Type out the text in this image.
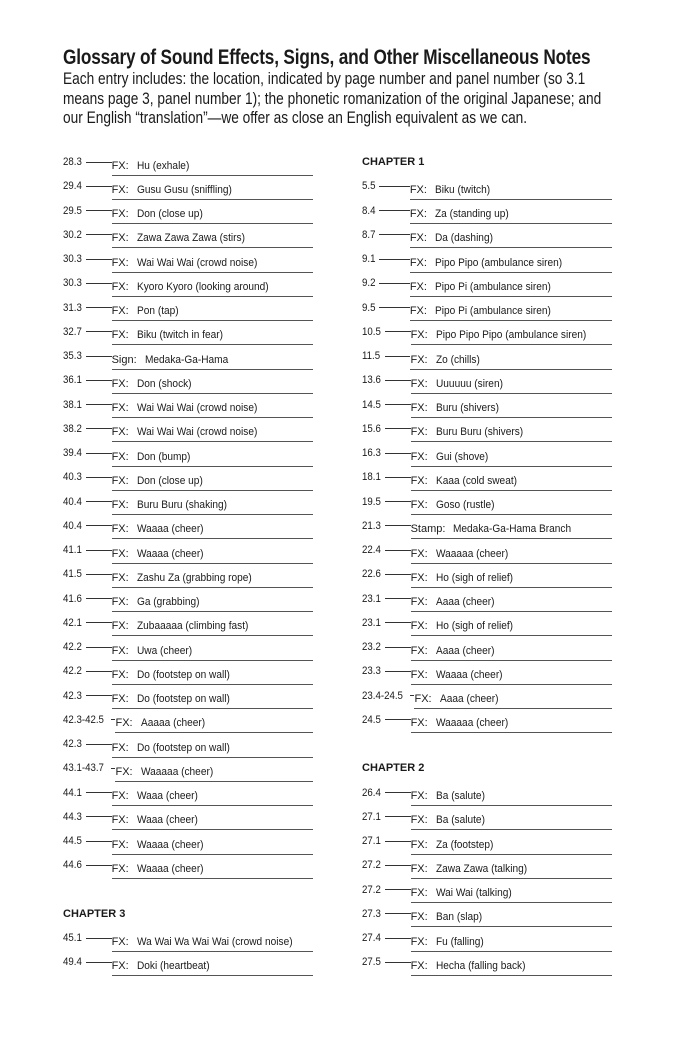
Glossary of Sound Effects, Signs, and Other Miscellaneous Notes
Each entry includes: the location, indicated by page number and panel number (so 3.1 means page 3, panel number 1); the phonetic romanization of the original Japanese; and our English “translation”—we offer as close an English equivalent as we can.
28.3	FX: Hu (exhale)
29.4	FX: Gusu Gusu (sniffling)
29.5	FX: Don (close up)
30.2	FX: Zawa Zawa Zawa (stirs)
30.3	FX: Wai Wai Wai (crowd noise)
30.3	FX: Kyoro Kyoro (looking around)
31.3	FX: Pon (tap)
32.7	FX: Biku (twitch in fear)
35.3	Sign: Medaka-Ga-Hama
36.1	FX: Don (shock)
38.1	FX: Wai Wai Wai (crowd noise)
38.2	FX: Wai Wai Wai (crowd noise)
39.4	FX: Don (bump)
40.3	FX: Don (close up)
40.4	FX: Buru Buru (shaking)
40.4	FX: Waaaa (cheer)
41.1	FX: Waaaa (cheer)
41.5	FX: Zashu Za (grabbing rope)
41.6	FX: Ga (grabbing)
42.1	FX: Zubaaaaa (climbing fast)
42.2	FX: Uwa (cheer)
42.2	FX: Do (footstep on wall)
42.3	FX: Do (footstep on wall)
42.3-42.5 FX: Aaaaa (cheer)
42.3	FX: Do (footstep on wall)
43.1-43.7 FX: Waaaaa (cheer)
44.1	FX: Waaa (cheer)
44.3	FX: Waaa (cheer)
44.5	FX: Waaaa (cheer)
44.6	FX: Waaaa (cheer)
CHAPTER 3
45.1	FX: Wa Wai Wa Wai Wai (crowd noise)
49.4	FX: Doki (heartbeat)
CHAPTER 1
5.5	FX: Biku (twitch)
8.4	FX: Za (standing up)
8.7	FX: Da (dashing)
9.1	FX: Pipo Pipo (ambulance siren)
9.2	FX: Pipo Pi (ambulance siren)
9.5	FX: Pipo Pi (ambulance siren)
10.5	FX: Pipo Pipo Pipo (ambulance siren)
11.5	FX: Zo (chills)
13.6	FX: Uuuuuu (siren)
14.5	FX: Buru (shivers)
15.6	FX: Buru Buru (shivers)
16.3	FX: Gui (shove)
18.1	FX: Kaaa (cold sweat)
19.5	FX: Goso (rustle)
21.3	Stamp: Medaka-Ga-Hama Branch
22.4	FX: Waaaaa (cheer)
22.6	FX: Ho (sigh of relief)
23.1	FX: Aaaa (cheer)
23.1	FX: Ho (sigh of relief)
23.2	FX: Aaaa (cheer)
23.3	FX: Waaaa (cheer)
23.4-24.5 FX: Aaaa (cheer)
24.5	FX: Waaaaa (cheer)
CHAPTER 2
26.4	FX: Ba (salute)
27.1	FX: Ba (salute)
27.1	FX: Za (footstep)
27.2	FX: Zawa Zawa (talking)
27.2	FX: Wai Wai (talking)
27.3	FX: Ban (slap)
27.4	FX: Fu (falling)
27.5	FX: Hecha (falling back)
